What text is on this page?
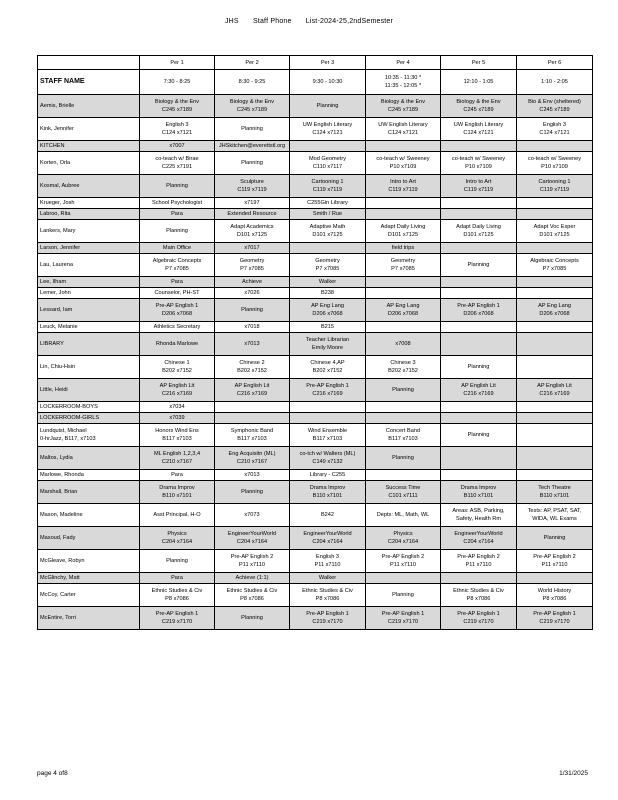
JHS Staff Phone List-2024-25,2ndSemester
	Per 1	Per 2	Per 3	Per 4	Per 5	Per 6
STAFF NAME	7:30 - 8:25	8:30 - 9:25	9:30 - 10:30	10:35 - 11:30 *
11:35 - 12:05 *	12:10 - 1:05	1:10 - 2:05

Aemis, Brielle	Biology & the Env
C245 x7189	Biology & the Env
C245 x7189	Planning	Biology & the Env
C245 x7189	Biology & the Env
C245 x7189	Bio & Env (sheltered)
C245 x7189

Kink, Jennifer	English 3
C124 x7121	Planning	UW English Literary
C124 x7121	UW English Literary
C124 x7121	UW English Literary
C124 x7121	English 3
C124 x7121

KITCHEN	x7007	JHSkitchen@everettstl.org				

Korten, Orla	co-teach w/ Birae
C225 x7191	Planning	Mod Geometry
C110 x7117	co-teach w/ Sweeney
P10 x7109	co-teach w/ Sweeney
P10 x7109	co-teach w/ Sweeney
P10 x7109

Kosmal, Aubree	Planning	Sculpture
C119 x7119	Cartooning 1
C119 x7119	Intro to Art
C119 x7119	Intro to Art
C119 x7119	Cartooning 1
C119 x7119

Krueger, Josh	School Psychologist	x7197	C255Gin Library			

Labroo, Rita	Para	Extended Resource	Smith / Rue			

Lankers, Mary	Planning	Adapt Academics
D101 x7125	Adaptive Math
D101 x7125	Adapt Daily Living
D101 x7125	Adapt Daily Living
D101 x7125	Adapt Voc Exper
D101 x7125

Larson, Jennifer	Main Office	x7017		field trips		

Lau, Laurena	Algebraic Concepts
P7 x7085	Geometry
P7 x7085	Geometry
P7 x7085	Geometry
P7 x7085	Planning	Algebraic Concepts
P7 x7085

Lee, Ilham	Para	Achieve	Walker			

Lemer, John	Counselor, PH-ST	x7026	B238			

Lessard, Iam	Pre-AP English 1
D206 x7068	Planning	AP Eng Lang
D206 x7068	AP Eng Lang
D206 x7068	Pre-AP English 1
D206 x7068	AP Eng Lang
D206 x7068

Leuck, Melanie	Athletics Secretary	x7018	B215			

LIBRARY	Rhonda Marlowe	x7013	Teacher Librarian
Emily Moore	x7008		

Lin, Chiu-Hsin	Chinese 1
B202 x7152	Chinese 2
B202 x7152	Chinese 4,AP
B202 x7152	Chinese 3
B202 x7152	Planning	

Little, Heidi	AP English Lit
C216 x7169	AP English Lit
C216 x7169	Pre-AP English 1
C216 x7169	Planning	AP English Lit
C216 x7169	AP English Lit
C216 x7169

LOCKERROOM-BOYS	x7034					

LOCKERROOM-GIRLS	x7039					

Lundquist, Michael
0-hrJazz, B117, x7103	Honors Wind Ens
B117 x7103	Symphonic Band
B117 x7103	Wind Ensemble
B117 x7103	Concert Band
B117 x7103	Planning	

Maltos, Lydia	ML English 1,2,3,4
C210 x7167	Eng Acquisitn (ML)
C210 x7167	co-tch w/ Walters (ML)
C149 x7132	Planning		

Marlowe, Rhonda	Para	x7013	Library - C255			

Marshall, Brian	Drama Improv
B110 x7101	Planning	Drama Improv
B110 x7101	Success Time
C101 x7111	Drama Improv
B110 x7101	Tech Theatre
B110 x7101

Mason, Madeline	Asst Principal, H-O	x7073	B242	Depts: ML, Math, WL	Areas: ASB, Parking,
Safety, Health Rm	Tests: AP, PSAT, SAT,
WIDA, WL Exams

Masoud, Fady	Physics
C204 x7164	EngineerYourWorld
C204 x7164	EngineerYourWorld
C204 x7164	Physics
C204 x7164	EngineerYourWorld
C204 x7164	Planning

McGleave, Robyn	Planning	Pre-AP English 2
P11 x7110	English 3
P11 x7110	Pre-AP English 2
P11 x7110	Pre-AP English 2
P11 x7110	Pre-AP English 2
P11 x7110

McGlinchy, Matt	Para	Achieve (1:1)	Walker			

McCoy, Carter	Ethnic Studies & Civ
P8 x7086	Ethnic Studies & Civ
P8 x7086	Ethnic Studies & Civ
P8 x7086	Planning	Ethnic Studies & Civ
P8 x7086	World History
P8 x7086

McEntire, Torri	Pre-AP English 1
C219 x7170	Planning	Pre-AP English 1
C219 x7170	Pre-AP English 1
C219 x7170	Pre-AP English 1
C219 x7170	Pre-AP English 1
C219 x7170
page 4 of8	1/31/2025
